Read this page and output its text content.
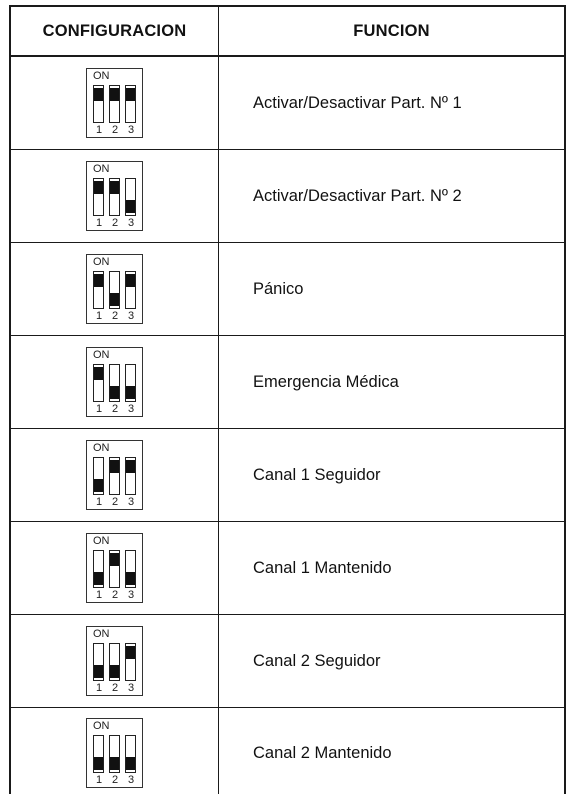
CONFIGURACION	FUNCION
ON
1 2 3
Activar/Desactivar Part. Nº 1
ON
1 2 3
Activar/Desactivar Part. Nº 2
ON
1 2 3
Pánico
ON
1 2 3
Emergencia Médica
ON
1 2 3
Canal 1 Seguidor
ON
1 2 3
Canal 1 Mantenido
ON
1 2 3
Canal 2 Seguidor
ON
1 2 3
Canal 2 Mantenido
